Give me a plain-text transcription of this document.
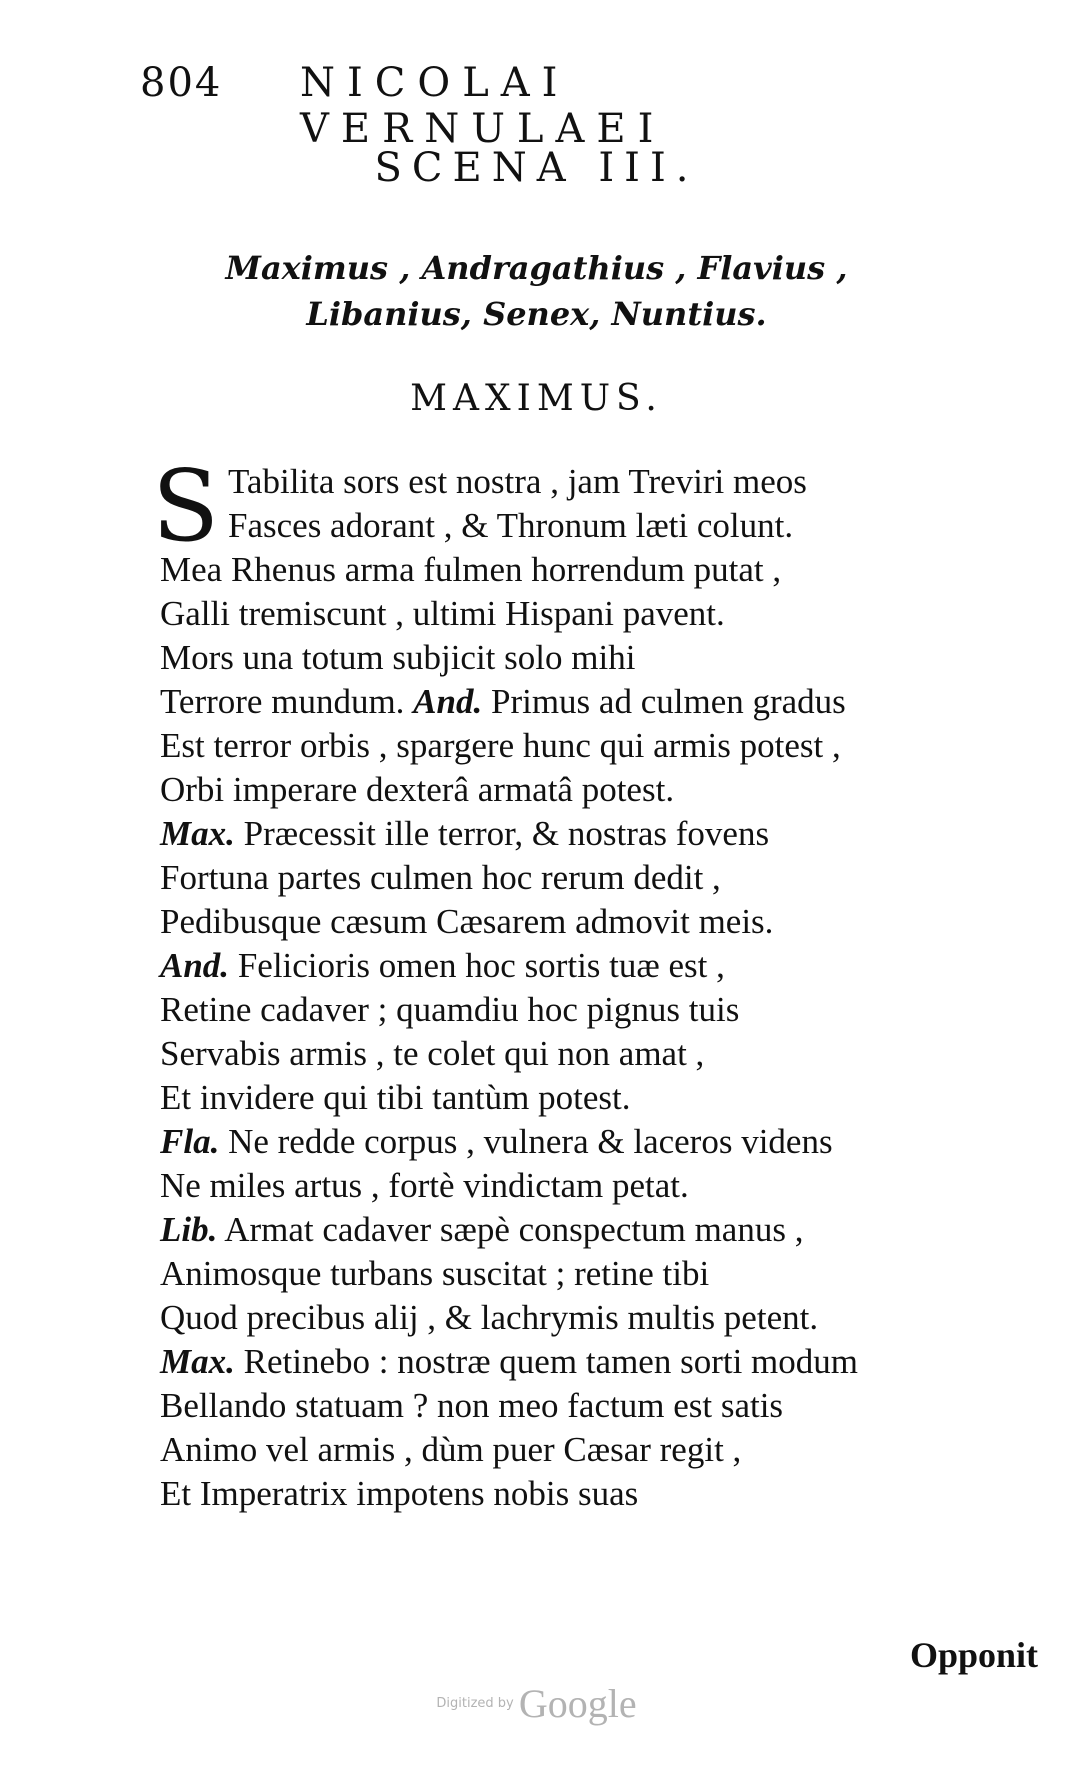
804 NICOLAI VERNULAEI
SCENA III.
Maximus , Andragathius , Flavius ,
Libanius, Senex, Nuntius.
MAXIMUS.
S Tabilita sors est nostra , jam Treviri meos
Fasces adorant , & Thronum læti colunt.
Mea Rhenus arma fulmen horrendum putat ,
Galli tremiscunt , ultimi Hispani pavent.
Mors una totum subjicit solo mihi
Terrore mundum. And. Primus ad culmen gradus
Est terror orbis , spargere hunc qui armis potest ,
Orbi imperare dexterâ armatâ potest.
Max. Præcessit ille terror, & nostras fovens
Fortuna partes culmen hoc rerum dedit ,
Pedibusque cæsum Cæsarem admovit meis.
And. Felicioris omen hoc sortis tuæ est ,
Retine cadaver ; quamdiu hoc pignus tuis
Servabis armis , te colet qui non amat ,
Et invidere qui tibi tantùm potest.
Fla. Ne redde corpus , vulnera & laceros videns
Ne miles artus , fortè vindictam petat.
Lib. Armat cadaver sæpè conspectum manus ,
Animosque turbans suscitat ; retine tibi
Quod precibus alij , & lachrymis multis petent.
Max. Retinebo : nostræ quem tamen sorti modum
Bellando statuam ? non meo factum est satis
Animo vel armis , dùm puer Cæsar regit ,
Et Imperatrix impotens nobis suas
Opponit
Digitized by Google
